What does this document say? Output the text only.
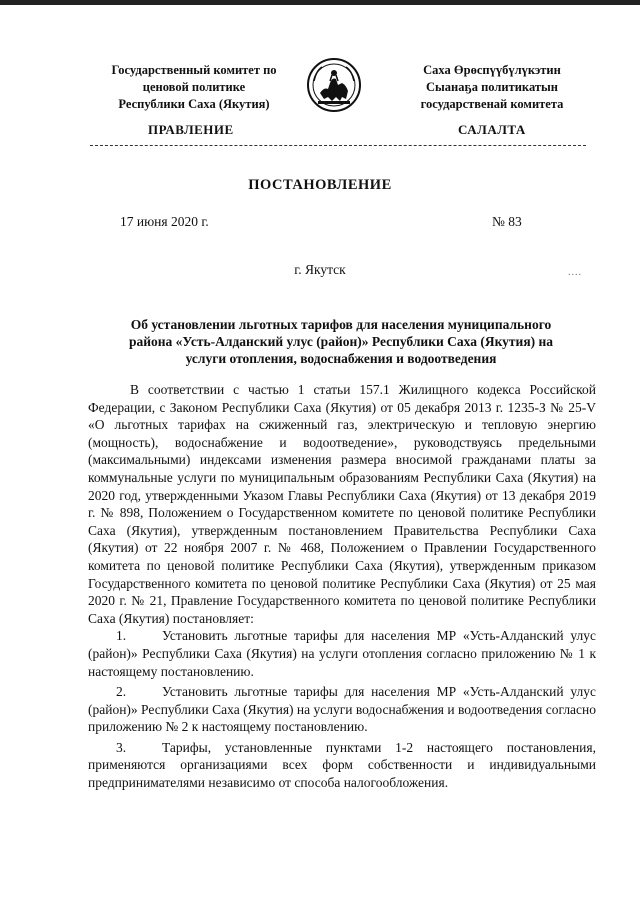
Государственный комитет по
ценовой политике
Республики Саха (Якутия)
Саха Өрөспүүбүлүкэтин
Сыанаҕа политикатын
государственай комитета
ПРАВЛЕНИЕ	САЛАЛТА
ПОСТАНОВЛЕНИЕ
17 июня 2020 г.	№ 83
г. Якутск	....
Об установлении льготных тарифов для населения муниципального
района «Усть-Алданский улус (район)» Республики Саха (Якутия) на
услуги отопления, водоснабжения и водоотведения

В соответствии с частью 1 статьи 157.1 Жилищного кодекса Российской Федерации, с Законом Республики Саха (Якутия) от 05 декабря 2013 г. 1235-З № 25-V «О льготных тарифах на сжиженный газ, электрическую и тепловую энергию (мощность), водоснабжение и водоотведение», руководствуясь предельными (максимальными) индексами изменения размера вносимой гражданами платы за коммунальные услуги по муниципальным образованиям Республики Саха (Якутия) на 2020 год, утвержденными Указом Главы Республики Саха (Якутия) от 13 декабря 2019 г. № 898, Положением о Государственном комитете по ценовой политике Республики Саха (Якутия), утвержденным постановлением Правительства Республики Саха (Якутия) от 22 ноября 2007 г. № 468, Положением о Правлении Государственного комитета по ценовой политике Республики Саха (Якутия), утвержденным приказом Государственного комитета по ценовой политике Республики Саха (Якутия) от 25 мая 2020 г. № 21, Правление Государственного комитета по ценовой политике Республики Саха (Якутия) постановляет:

1.	Установить льготные тарифы для населения МР «Усть-Алданский улус (район)» Республики Саха (Якутия) на услуги отопления согласно приложению № 1 к настоящему постановлению.

2.	Установить льготные тарифы для населения МР «Усть-Алданский улус (район)» Республики Саха (Якутия) на услуги водоснабжения и водоотведения согласно приложению № 2 к настоящему постановлению.

3.	Тарифы, установленные пунктами 1-2 настоящего постановления, применяются организациями всех форм собственности и индивидуальными предпринимателями независимо от способа налогообложения.
